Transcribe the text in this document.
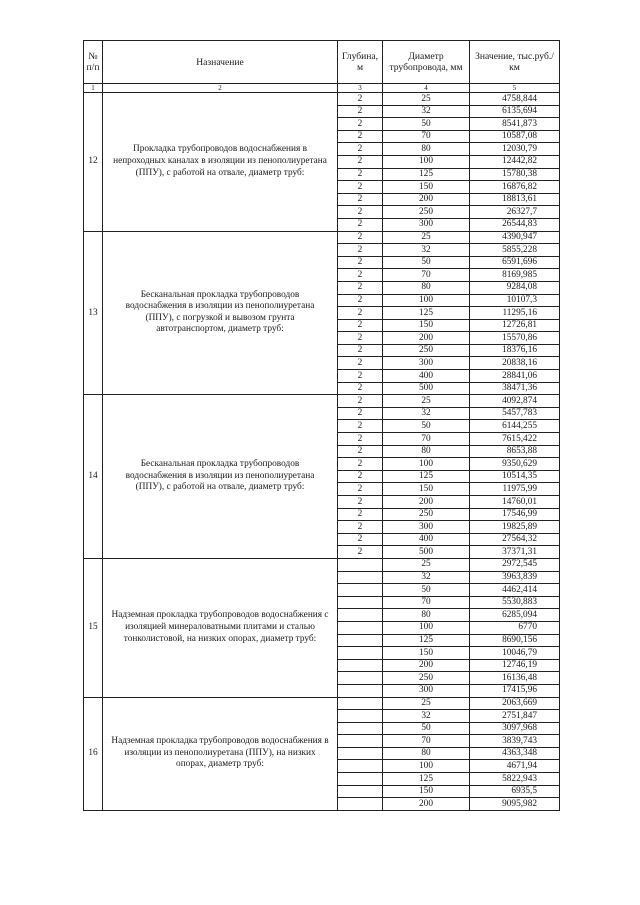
№ п/п	Назначение	Глубина, м	Диаметр трубопровода, мм	Значение, тыс.руб./км
1	2	3	4	5
12	Прокладка трубопроводов водоснабжения в непроходных каналах в изоляции из пенополиуретана (ППУ), с работой на отвале, диаметр труб:	2	25	4758,844
		2	32	6135,694
		2	50	8541,873
		2	70	10587,08
		2	80	12030,79
		2	100	12442,82
		2	125	15780,38
		2	150	16876,82
		2	200	18813,61
		2	250	26327,7
		2	300	26544,83
13	Бесканальная прокладка трубопроводов водоснабжения в изоляции из пенополиуретана (ППУ), с погрузкой и вывозом грунта автотранспортом, диаметр труб:	2	25	4390,947
		2	32	5855,228
		2	50	6591,696
		2	70	8169,985
		2	80	9284,08
		2	100	10107,3
		2	125	11295,16
		2	150	12726,81
		2	200	15570,86
		2	250	18376,16
		2	300	20838,16
		2	400	28841,06
		2	500	38471,36
14	Бесканальная прокладка трубопроводов водоснабжения в изоляции из пенополиуретана (ППУ), с работой на отвале, диаметр труб:	2	25	4092,874
		2	32	5457,783
		2	50	6144,255
		2	70	7615,422
		2	80	8653,88
		2	100	9350,629
		2	125	10514,35
		2	150	11975,99
		2	200	14760,01
		2	250	17546,99
		2	300	19825,89
		2	400	27564,32
		2	500	37371,31
15	Надземная прокладка трубопроводов водоснабжения с изоляцией минераловатными плитами и сталью тонколистовой, на низких опорах, диаметр труб:		25	2972,545
			32	3963,839
			50	4462,414
			70	5530,883
			80	6285,094
			100	6770
			125	8690,156
			150	10046,79
			200	12746,19
			250	16136,48
			300	17415,96
16	Надземная прокладка трубопроводов водоснабжения в изоляции из пенополиуретана (ППУ), на низких опорах, диаметр труб:		25	2063,669
			32	2751,847
			50	3097,968
			70	3839,743
			80	4363,348
			100	4671,94
			125	5822,943
			150	6935,5
			200	9095,982
